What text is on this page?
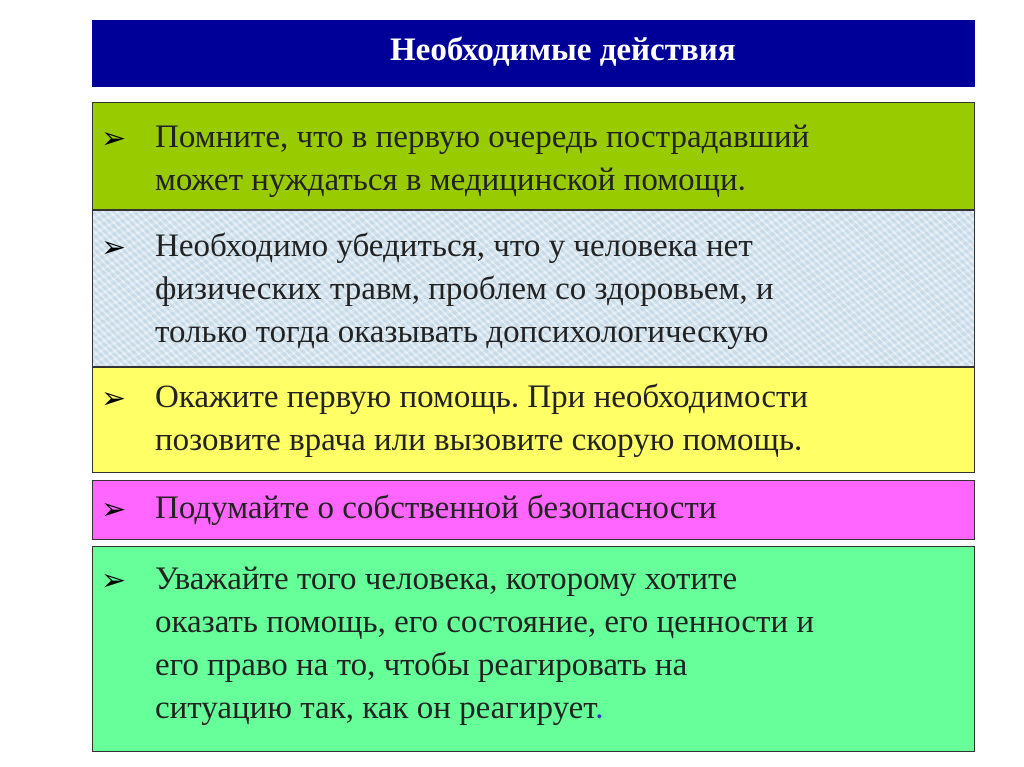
Необходимые действия
➢ Помните, что в первую очередь пострадавший
может нуждаться в медицинской помощи.
➢ Необходимо убедиться, что у человека нет
физических травм, проблем со здоровьем, и
только тогда оказывать допсихологическую
➢ Окажите первую помощь. При необходимости
позовите врача или вызовите скорую помощь.
➢ Подумайте о собственной безопасности
➢ Уважайте того человека, которому хотите
оказать помощь, его состояние, его ценности и
его право на то, чтобы реагировать на
ситуацию так, как он реагирует.
